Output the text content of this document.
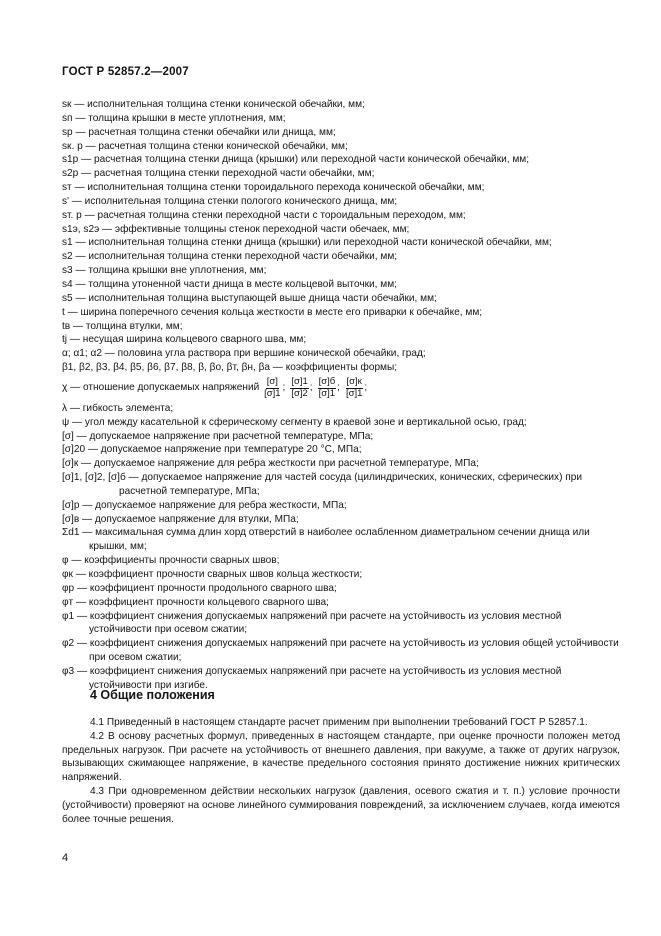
ГОСТ Р 52857.2—2007
sк — исполнительная толщина стенки конической обечайки, мм;
sп — толщина крышки в месте уплотнения, мм;
sр — расчетная толщина стенки обечайки или днища, мм;
sк. р — расчетная толщина стенки конической обечайки, мм;
s1р — расчетная толщина стенки днища (крышки) или переходной части конической обечайки, мм;
s2р — расчетная толщина стенки переходной части обечайки, мм;
sт — исполнительная толщина стенки тороидального перехода конической обечайки, мм;
s' — исполнительная толщина стенки пологого конического днища, мм;
sт. р — расчетная толщина стенки переходной части с тороидальным переходом, мм;
s1э, s2э — эффективные толщины стенок переходной части обечаек, мм;
s1 — исполнительная толщина стенки днища (крышки) или переходной части конической обечайки, мм;
s2 — исполнительная толщина стенки переходной части обечайки, мм;
s3 — толщина крышки вне уплотнения, мм;
s4 — толщина утоненной части днища в месте кольцевой выточки, мм;
s5 — исполнительная толщина выступающей выше днища части обечайки, мм;
t — ширина поперечного сечения кольца жесткости в месте его приварки к обечайке, мм;
tв — толщина втулки, мм;
tj — несущая ширина кольцевого сварного шва, мм;
α; α1; α2 — половина угла раствора при вершине конической обечайки, град;
β1, β2, β3, β4, β5, β6, β7, β8, β, βо, βт, βн, βа — коэффициенты формы;
χ — отношение допускаемых напряжений
$\frac{[\sigma]}{[\sigma]1}$ ; $\frac{[\sigma]1}{[\sigma]2}$ ; $\frac{[\sigma]б}{[\sigma]1}$ ; $\frac{[\sigma]к}{[\sigma]1}$ ;
λ — гибкость элемента;
ψ — угол между касательной к сферическому сегменту в краевой зоне и вертикальной осью, град;
[σ] — допускаемое напряжение при расчетной температуре, МПа;
[σ]20 — допускаемое напряжение при температуре 20 °С, МПа;
[σ]к — допускаемое напряжение для ребра жесткости при расчетной температуре, МПа;
[σ]1, [σ]2, [σ]б — допускаемое напряжение для частей сосуда (цилиндрических, конических, сферических) при расчетной температуре, МПа;
[σ]р — допускаемое напряжение для ребра жесткости, МПа;
[σ]в — допускаемое напряжение для втулки, МПа;
Σd1 — максимальная сумма длин хорд отверстий в наиболее ослабленном диаметральном сечении днища или крышки, мм;
φ — коэффициенты прочности сварных швов;
φк — коэффициент прочности сварных швов кольца жесткости;
φр — коэффициент прочности продольного сварного шва;
φт — коэффициент прочности кольцевого сварного шва;
φ1 — коэффициент снижения допускаемых напряжений при расчете на устойчивость из условия местной устойчивости при осевом сжатии;
φ2 — коэффициент снижения допускаемых напряжений при расчете на устойчивость из условия общей устойчивости при осевом сжатии;
φ3 — коэффициент снижения допускаемых напряжений при расчете на устойчивость из условия местной устойчивости при изгибе.
4 Общие положения

4.1 Приведенный в настоящем стандарте расчет применим при выполнении требований ГОСТ Р 52857.1.

4.2 В основу расчетных формул, приведенных в настоящем стандарте, при оценке прочности положен метод предельных нагрузок. При расчете на устойчивость от внешнего давления, при вакууме, а также от других нагрузок, вызывающих сжимающее напряжение, в качестве предельного состояния принято достижение нижних критических напряжений.

4.3 При одновременном действии нескольких нагрузок (давления, осевого сжатия и т. п.) условие прочности (устойчивости) проверяют на основе линейного суммирования повреждений, за исключением случаев, когда имеются более точные решения.

4
